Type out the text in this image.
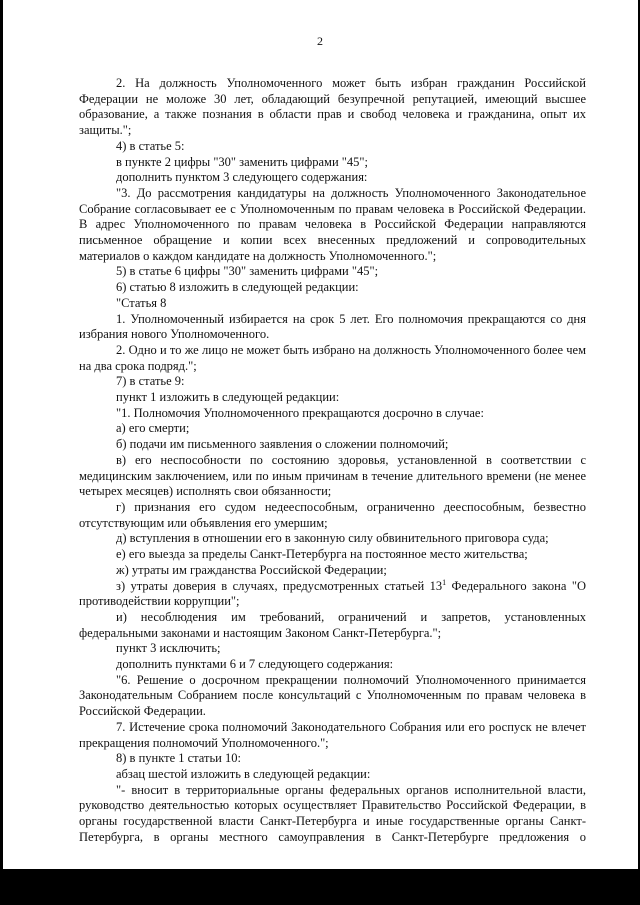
2

2. На должность Уполномоченного может быть избран гражданин Российской Федерации не моложе 30 лет, обладающий безупречной репутацией, имеющий высшее образование, а также познания в области прав и свобод человека и гражданина, опыт их защиты.";

4) в статье 5:

в пункте 2 цифры "30" заменить цифрами "45";

дополнить пунктом 3 следующего содержания:

"3. До рассмотрения кандидатуры на должность Уполномоченного Законодательное Собрание согласовывает ее с Уполномоченным по правам человека в Российской Федерации. В адрес Уполномоченного по правам человека в Российской Федерации направляются письменное обращение и копии всех внесенных предложений и сопроводительных материалов о каждом кандидате на должность Уполномоченного.";

5) в статье 6 цифры "30" заменить цифрами "45";

6) статью 8 изложить в следующей редакции:

"Статья 8

1. Уполномоченный избирается на срок 5 лет. Его полномочия прекращаются со дня избрания нового Уполномоченного.

2. Одно и то же лицо не может быть избрано на должность Уполномоченного более чем на два срока подряд.";

7) в статье 9:

пункт 1 изложить в следующей редакции:

"1. Полномочия Уполномоченного прекращаются досрочно в случае:

а) его смерти;

б) подачи им письменного заявления о сложении полномочий;

в) его неспособности по состоянию здоровья, установленной в соответствии с медицинским заключением, или по иным причинам в течение длительного времени (не менее четырех месяцев) исполнять свои обязанности;

г) признания его судом недееспособным, ограниченно дееспособным, безвестно отсутствующим или объявления его умершим;

д) вступления в отношении его в законную силу обвинительного приговора суда;

е) его выезда за пределы Санкт-Петербурга на постоянное место жительства;

ж) утраты им гражданства Российской Федерации;

з) утраты доверия в случаях, предусмотренных статьей $13^1$ Федерального закона "О противодействии коррупции";

и) несоблюдения им требований, ограничений и запретов, установленных федеральными законами и настоящим Законом Санкт-Петербурга.";

пункт 3 исключить;

дополнить пунктами 6 и 7 следующего содержания:

"6. Решение о досрочном прекращении полномочий Уполномоченного принимается Законодательным Собранием после консультаций с Уполномоченным по правам человека в Российской Федерации.

7. Истечение срока полномочий Законодательного Собрания или его роспуск не влечет прекращения полномочий Уполномоченного.";

8) в пункте 1 статьи 10:

абзац шестой изложить в следующей редакции:

"- вносит в территориальные органы федеральных органов исполнительной власти, руководство деятельностью которых осуществляет Правительство Российской Федерации, в органы государственной власти Санкт-Петербурга и иные государственные органы Санкт-Петербурга, в органы местного самоуправления в Санкт-Петербурге предложения о
